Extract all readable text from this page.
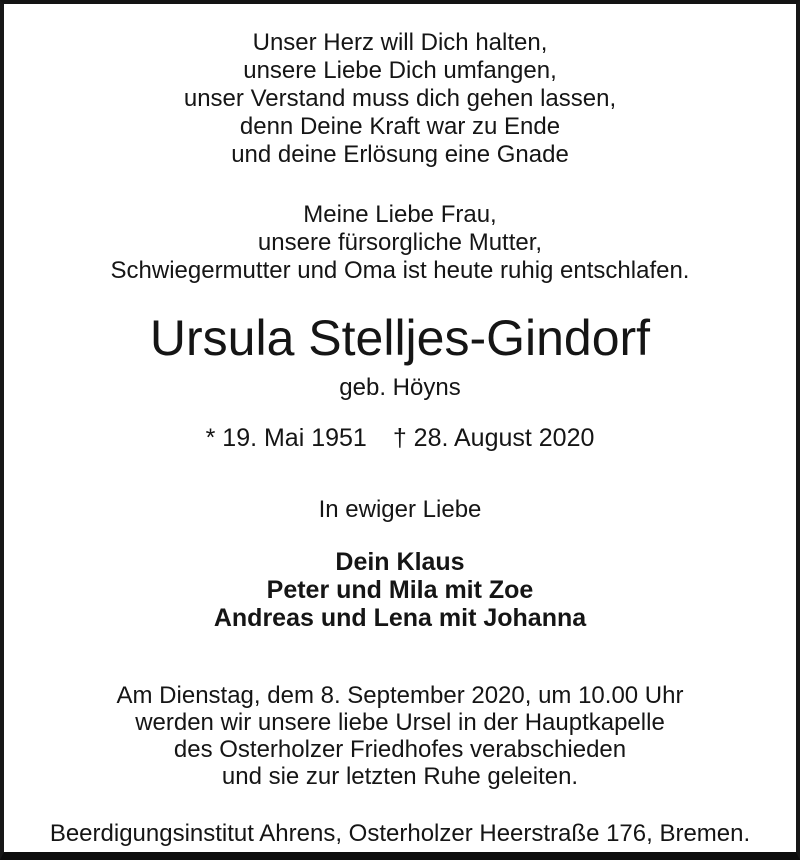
Unser Herz will Dich halten,
unsere Liebe Dich umfangen,
unser Verstand muss dich gehen lassen,
denn Deine Kraft war zu Ende
und deine Erlösung eine Gnade
Meine Liebe Frau,
unsere fürsorgliche Mutter,
Schwiegermutter und Oma ist heute ruhig entschlafen.
Ursula Stelljes-Gindorf
geb. Höyns
* 19. Mai 1951 † 28. August 2020
In ewiger Liebe
Dein Klaus
Peter und Mila mit Zoe
Andreas und Lena mit Johanna
Am Dienstag, dem 8. September 2020, um 10.00 Uhr
werden wir unsere liebe Ursel in der Hauptkapelle
des Osterholzer Friedhofes verabschieden
und sie zur letzten Ruhe geleiten.
Beerdigungsinstitut Ahrens, Osterholzer Heerstraße 176, Bremen.
